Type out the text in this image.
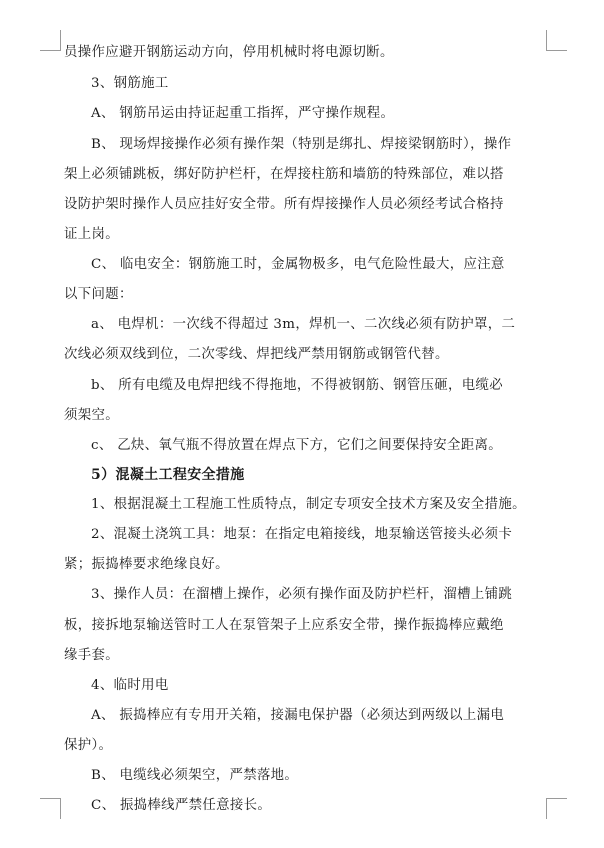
员操作应避开钢筋运动方向，停用机械时将电源切断。
3、钢筋施工
A、 钢筋吊运由持证起重工指挥，严守操作规程。
B、 现场焊接操作必须有操作架（特别是绑扎、焊接梁钢筋时），操作
架上必须铺跳板，绑好防护栏杆，在焊接柱筋和墙筋的特殊部位，难以搭
设防护架时操作人员应挂好安全带。所有焊接操作人员必须经考试合格持
证上岗。
C、 临电安全：钢筋施工时，金属物极多，电气危险性最大，应注意
以下问题：
a、 电焊机：一次线不得超过 3m，焊机一、二次线必须有防护罩，二
次线必须双线到位，二次零线、焊把线严禁用钢筋或钢管代替。
b、 所有电缆及电焊把线不得拖地，不得被钢筋、钢管压砸，电缆必
须架空。
c、 乙炔、氧气瓶不得放置在焊点下方，它们之间要保持安全距离。
5）混凝土工程安全措施
1、根据混凝土工程施工性质特点，制定专项安全技术方案及安全措施。
2、混凝土浇筑工具：地泵：在指定电箱接线，地泵输送管接头必须卡
紧；振捣棒要求绝缘良好。
3、操作人员：在溜槽上操作，必须有操作面及防护栏杆，溜槽上铺跳
板，接拆地泵输送管时工人在泵管架子上应系安全带，操作振捣棒应戴绝
缘手套。
4、临时用电
A、 振捣棒应有专用开关箱，接漏电保护器（必须达到两级以上漏电
保护）。
B、 电缆线必须架空，严禁落地。
C、 振捣棒线严禁任意接长。
